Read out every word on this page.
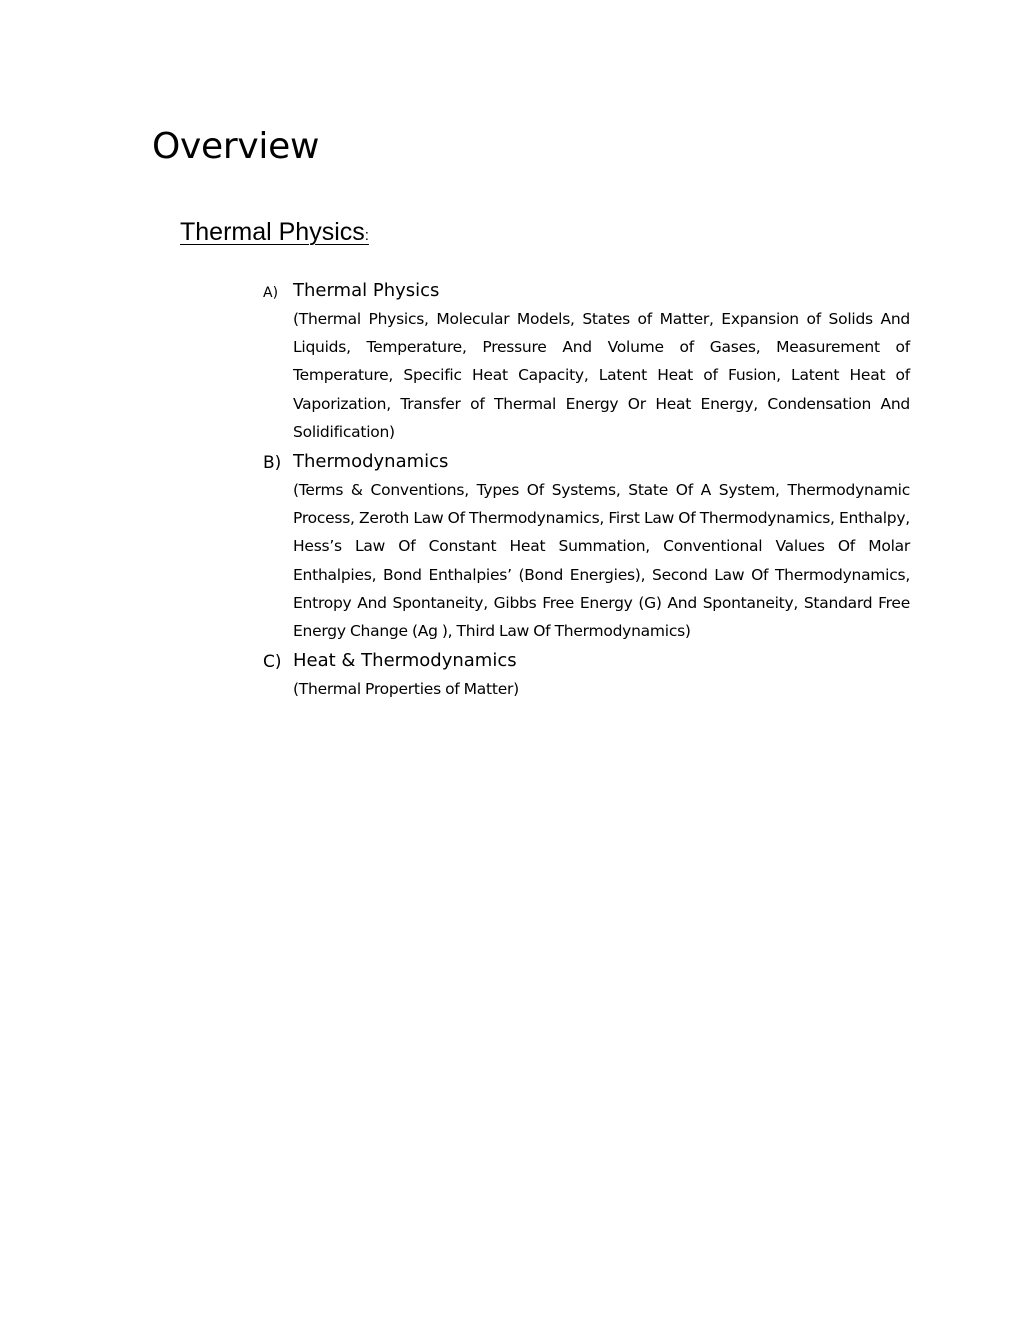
Overview
Thermal Physics:
A) Thermal Physics

(Thermal Physics, Molecular Models, States of Matter, Expansion of Solids And Liquids, Temperature, Pressure And Volume of Gases, Measurement of Temperature, Specific Heat Capacity, Latent Heat of Fusion, Latent Heat of Vaporization, Transfer of Thermal Energy Or Heat Energy, Condensation And Solidification)

B) Thermodynamics

(Terms & Conventions, Types Of Systems, State Of A System, Thermodynamic Process, Zeroth Law Of Thermodynamics, First Law Of Thermodynamics, Enthalpy, Hess’s Law Of Constant Heat Summation, Conventional Values Of Molar Enthalpies, Bond Enthalpies’ (Bond Energies), Second Law Of Thermodynamics, Entropy And Spontaneity, Gibbs Free Energy (G) And Spontaneity, Standard Free Energy Change (Ag ), Third Law Of Thermodynamics)

C) Heat & Thermodynamics

(Thermal Properties of Matter)
